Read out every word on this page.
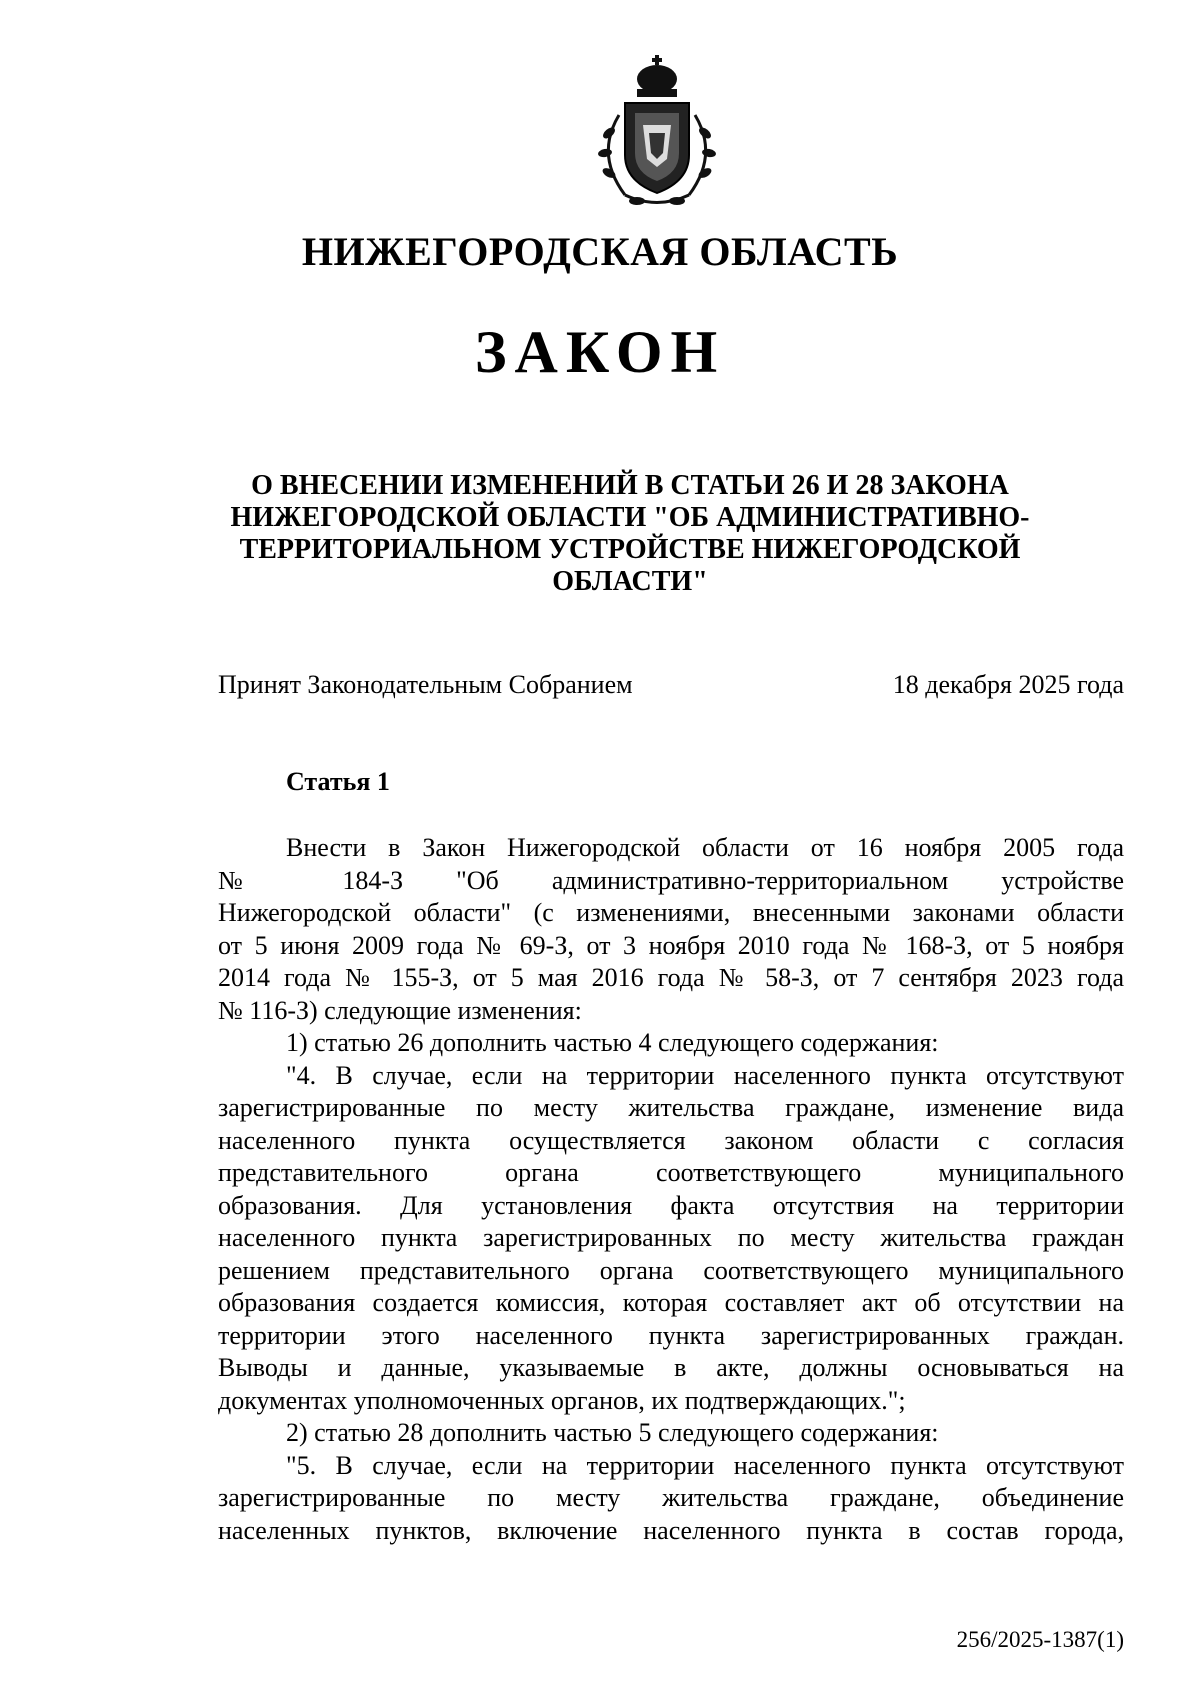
НИЖЕГОРОДСКАЯ ОБЛАСТЬ
ЗАКОН
О ВНЕСЕНИИ ИЗМЕНЕНИЙ В СТАТЬИ 26 И 28 ЗАКОНА
НИЖЕГОРОДСКОЙ ОБЛАСТИ "ОБ АДМИНИСТРАТИВНО-
ТЕРРИТОРИАЛЬНОМ УСТРОЙСТВЕ НИЖЕГОРОДСКОЙ
ОБЛАСТИ"
Принят Законодательным Собранием	18 декабря 2025 года
Статья 1
Внести в Закон Нижегородской области от 16 ноября 2005 года
№ 184-З "Об административно-территориальном устройстве
Нижегородской области" (с изменениями, внесенными законами области
от 5 июня 2009 года № 69-З, от 3 ноября 2010 года № 168-З, от 5 ноября
2014 года № 155-З, от 5 мая 2016 года № 58-З, от 7 сентября 2023 года
№ 116-З) следующие изменения:
1) статью 26 дополнить частью 4 следующего содержания:
"4. В случае, если на территории населенного пункта отсутствуют
зарегистрированные по месту жительства граждане, изменение вида
населенного пункта осуществляется законом области с согласия
представительного органа соответствующего муниципального
образования. Для установления факта отсутствия на территории
населенного пункта зарегистрированных по месту жительства граждан
решением представительного органа соответствующего муниципального
образования создается комиссия, которая составляет акт об отсутствии на
территории этого населенного пункта зарегистрированных граждан.
Выводы и данные, указываемые в акте, должны основываться на
документах уполномоченных органов, их подтверждающих.";
2) статью 28 дополнить частью 5 следующего содержания:
"5. В случае, если на территории населенного пункта отсутствуют
зарегистрированные по месту жительства граждане, объединение
населенных пунктов, включение населенного пункта в состав города,
256/2025-1387(1)
